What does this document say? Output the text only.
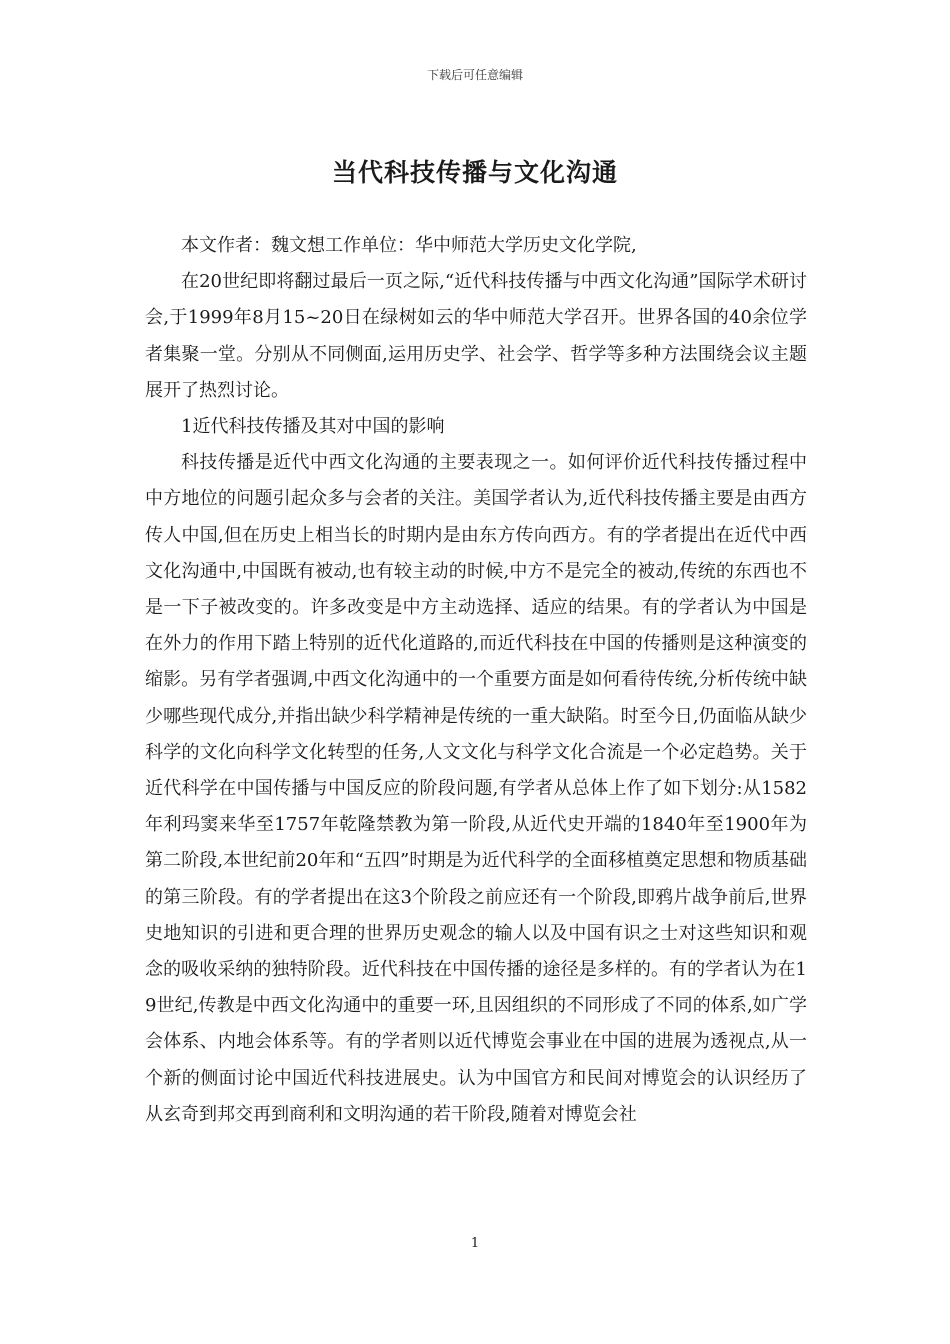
下载后可任意编辑
当代科技传播与文化沟通

本文作者：魏文想工作单位：华中师范大学历史文化学院,

在20世纪即将翻过最后一页之际,“近代科技传播与中西文化沟通”国际学术研讨会,于1999年8月15~20日在绿树如云的华中师范大学召开。世界各国的40余位学者集聚一堂。分别从不同侧面,运用历史学、社会学、哲学等多种方法围绕会议主题展开了热烈讨论。

1近代科技传播及其对中国的影响

科技传播是近代中西文化沟通的主要表现之一。如何评价近代科技传播过程中中方地位的问题引起众多与会者的关注。美国学者认为,近代科技传播主要是由西方传人中国,但在历史上相当长的时期内是由东方传向西方。有的学者提出在近代中西文化沟通中,中国既有被动,也有较主动的时候,中方不是完全的被动,传统的东西也不是一下子被改变的。许多改变是中方主动选择、适应的结果。有的学者认为中国是在外力的作用下踏上特别的近代化道路的,而近代科技在中国的传播则是这种演变的缩影。另有学者强调,中西文化沟通中的一个重要方面是如何看待传统,分析传统中缺少哪些现代成分,并指出缺少科学精神是传统的一重大缺陷。时至今日,仍面临从缺少科学的文化向科学文化转型的任务,人文文化与科学文化合流是一个必定趋势。关于近代科学在中国传播与中国反应的阶段问题,有学者从总体上作了如下划分:从1582年利玛窦来华至1757年乾隆禁教为第一阶段,从近代史开端的1840年至1900年为第二阶段,本世纪前20年和“五四”时期是为近代科学的全面移植奠定思想和物质基础的第三阶段。有的学者提出在这3个阶段之前应还有一个阶段,即鸦片战争前后,世界史地知识的引进和更合理的世界历史观念的输人以及中国有识之士对这些知识和观念的吸收采纳的独特阶段。近代科技在中国传播的途径是多样的。有的学者认为在19世纪,传教是中西文化沟通中的重要一环,且因组织的不同形成了不同的体系,如广学会体系、内地会体系等。有的学者则以近代博览会事业在中国的进展为透视点,从一个新的侧面讨论中国近代科技进展史。认为中国官方和民间对博览会的认识经历了从玄奇到邦交再到商利和文明沟通的若干阶段,随着对博览会社

1
